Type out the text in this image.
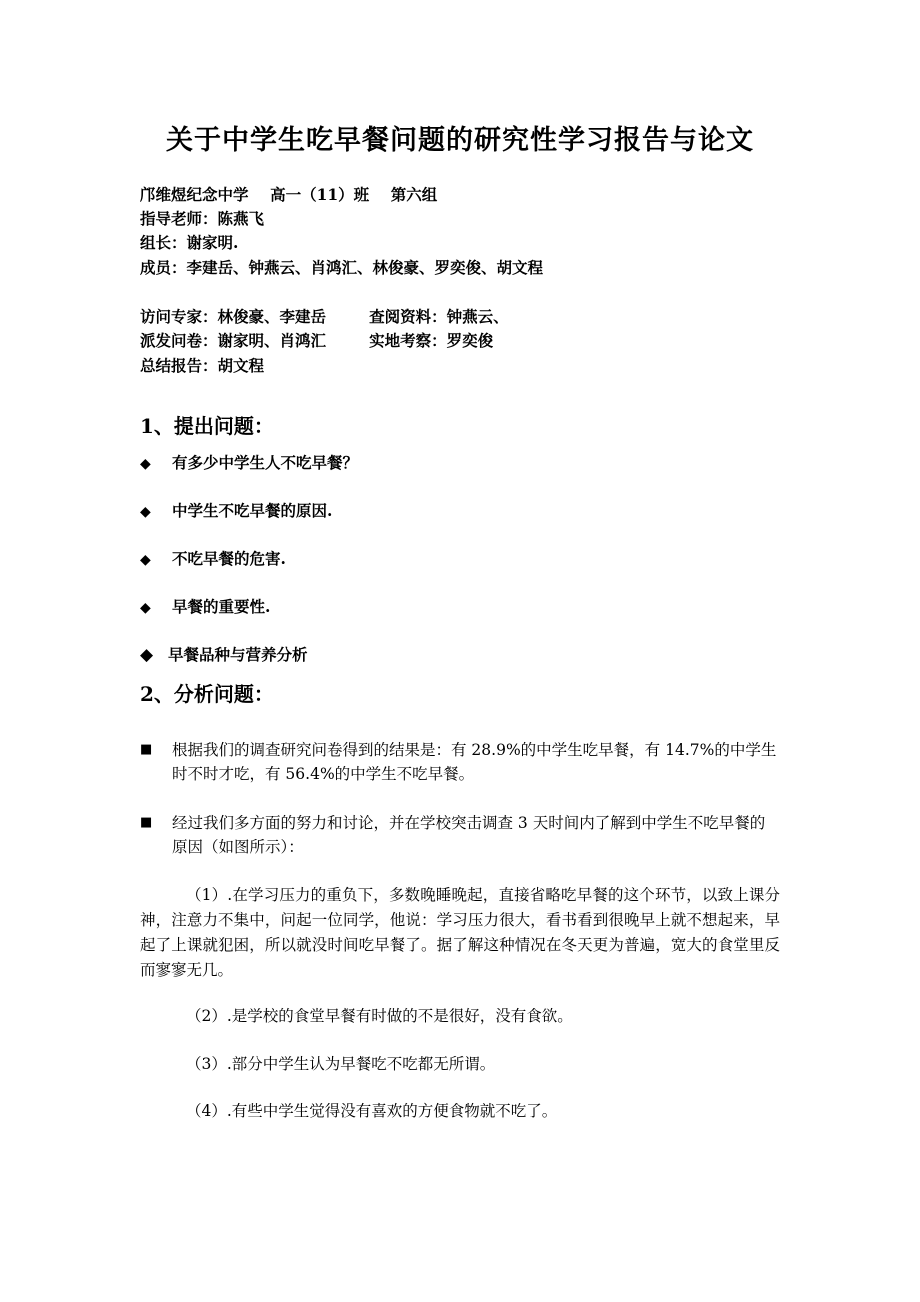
关于中学生吃早餐问题的研究性学习报告与论文
邝维煜纪念中学    高一（11）班    第六组
指导老师：陈燕飞
组长：谢家明.
成员：李建岳、钟燕云、肖鸿汇、林俊豪、罗奕俊、胡文程
访问专家：林俊豪、李建岳        查阅资料：钟燕云、
派发问卷：谢家明、肖鸿汇        实地考察：罗奕俊
总结报告：胡文程
1、提出问题：
◆ 有多少中学生人不吃早餐？
◆ 中学生不吃早餐的原因.
◆ 不吃早餐的危害.
◆ 早餐的重要性.
◆ 早餐品种与营养分析
2、分析问题：
■ 根据我们的调查研究问卷得到的结果是：有 28.9%的中学生吃早餐，有 14.7%的中学生时不时才吃，有 56.4%的中学生不吃早餐。
■ 经过我们多方面的努力和讨论，并在学校突击调查 3 天时间内了解到中学生不吃早餐的原因（如图所示）：
（1）.在学习压力的重负下，多数晚睡晚起，直接省略吃早餐的这个环节，以致上课分神，注意力不集中，问起一位同学，他说：学习压力很大，看书看到很晚早上就不想起来，早起了上课就犯困，所以就没时间吃早餐了。据了解这种情况在冬天更为普遍，宽大的食堂里反而寥寥无几。
（2）.是学校的食堂早餐有时做的不是很好，没有食欲。
（3）.部分中学生认为早餐吃不吃都无所谓。
（4）.有些中学生觉得没有喜欢的方便食物就不吃了。
